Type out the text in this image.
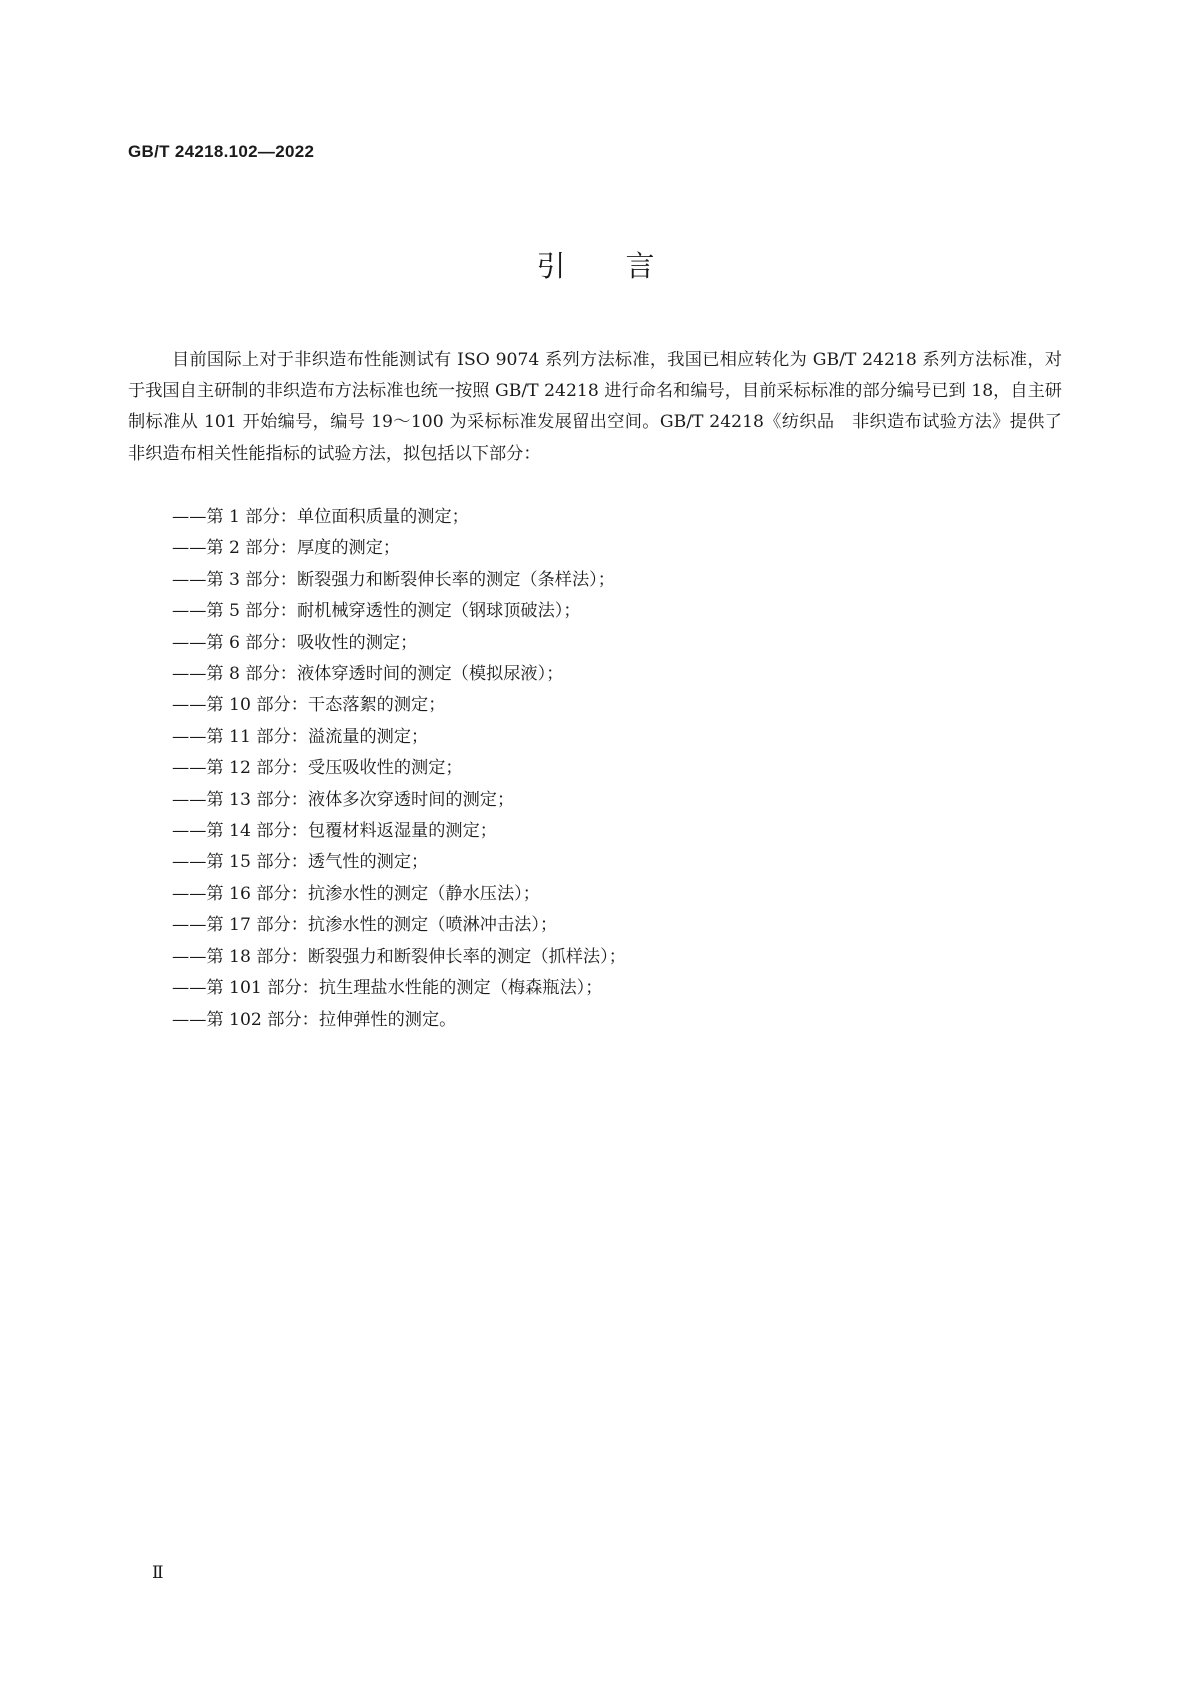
GB/T 24218.102—2022
引言

目前国际上对于非织造布性能测试有 ISO 9074 系列方法标准，我国已相应转化为 GB/T 24218 系列方法标准，对于我国自主研制的非织造布方法标准也统一按照 GB/T 24218 进行命名和编号，目前采标标准的部分编号已到 18，自主研制标准从 101 开始编号，编号 19～100 为采标标准发展留出空间。GB/T 24218《纺织品　非织造布试验方法》提供了非织造布相关性能指标的试验方法，拟包括以下部分：

——第 1 部分：单位面积质量的测定；
——第 2 部分：厚度的测定；
——第 3 部分：断裂强力和断裂伸长率的测定（条样法）；
——第 5 部分：耐机械穿透性的测定（钢球顶破法）；
——第 6 部分：吸收性的测定；
——第 8 部分：液体穿透时间的测定（模拟尿液）；
——第 10 部分：干态落絮的测定；
——第 11 部分：溢流量的测定；
——第 12 部分：受压吸收性的测定；
——第 13 部分：液体多次穿透时间的测定；
——第 14 部分：包覆材料返湿量的测定；
——第 15 部分：透气性的测定；
——第 16 部分：抗渗水性的测定（静水压法）；
——第 17 部分：抗渗水性的测定（喷淋冲击法）；
——第 18 部分：断裂强力和断裂伸长率的测定（抓样法）；
——第 101 部分：抗生理盐水性能的测定（梅森瓶法）；
——第 102 部分：拉伸弹性的测定。
Ⅱ
